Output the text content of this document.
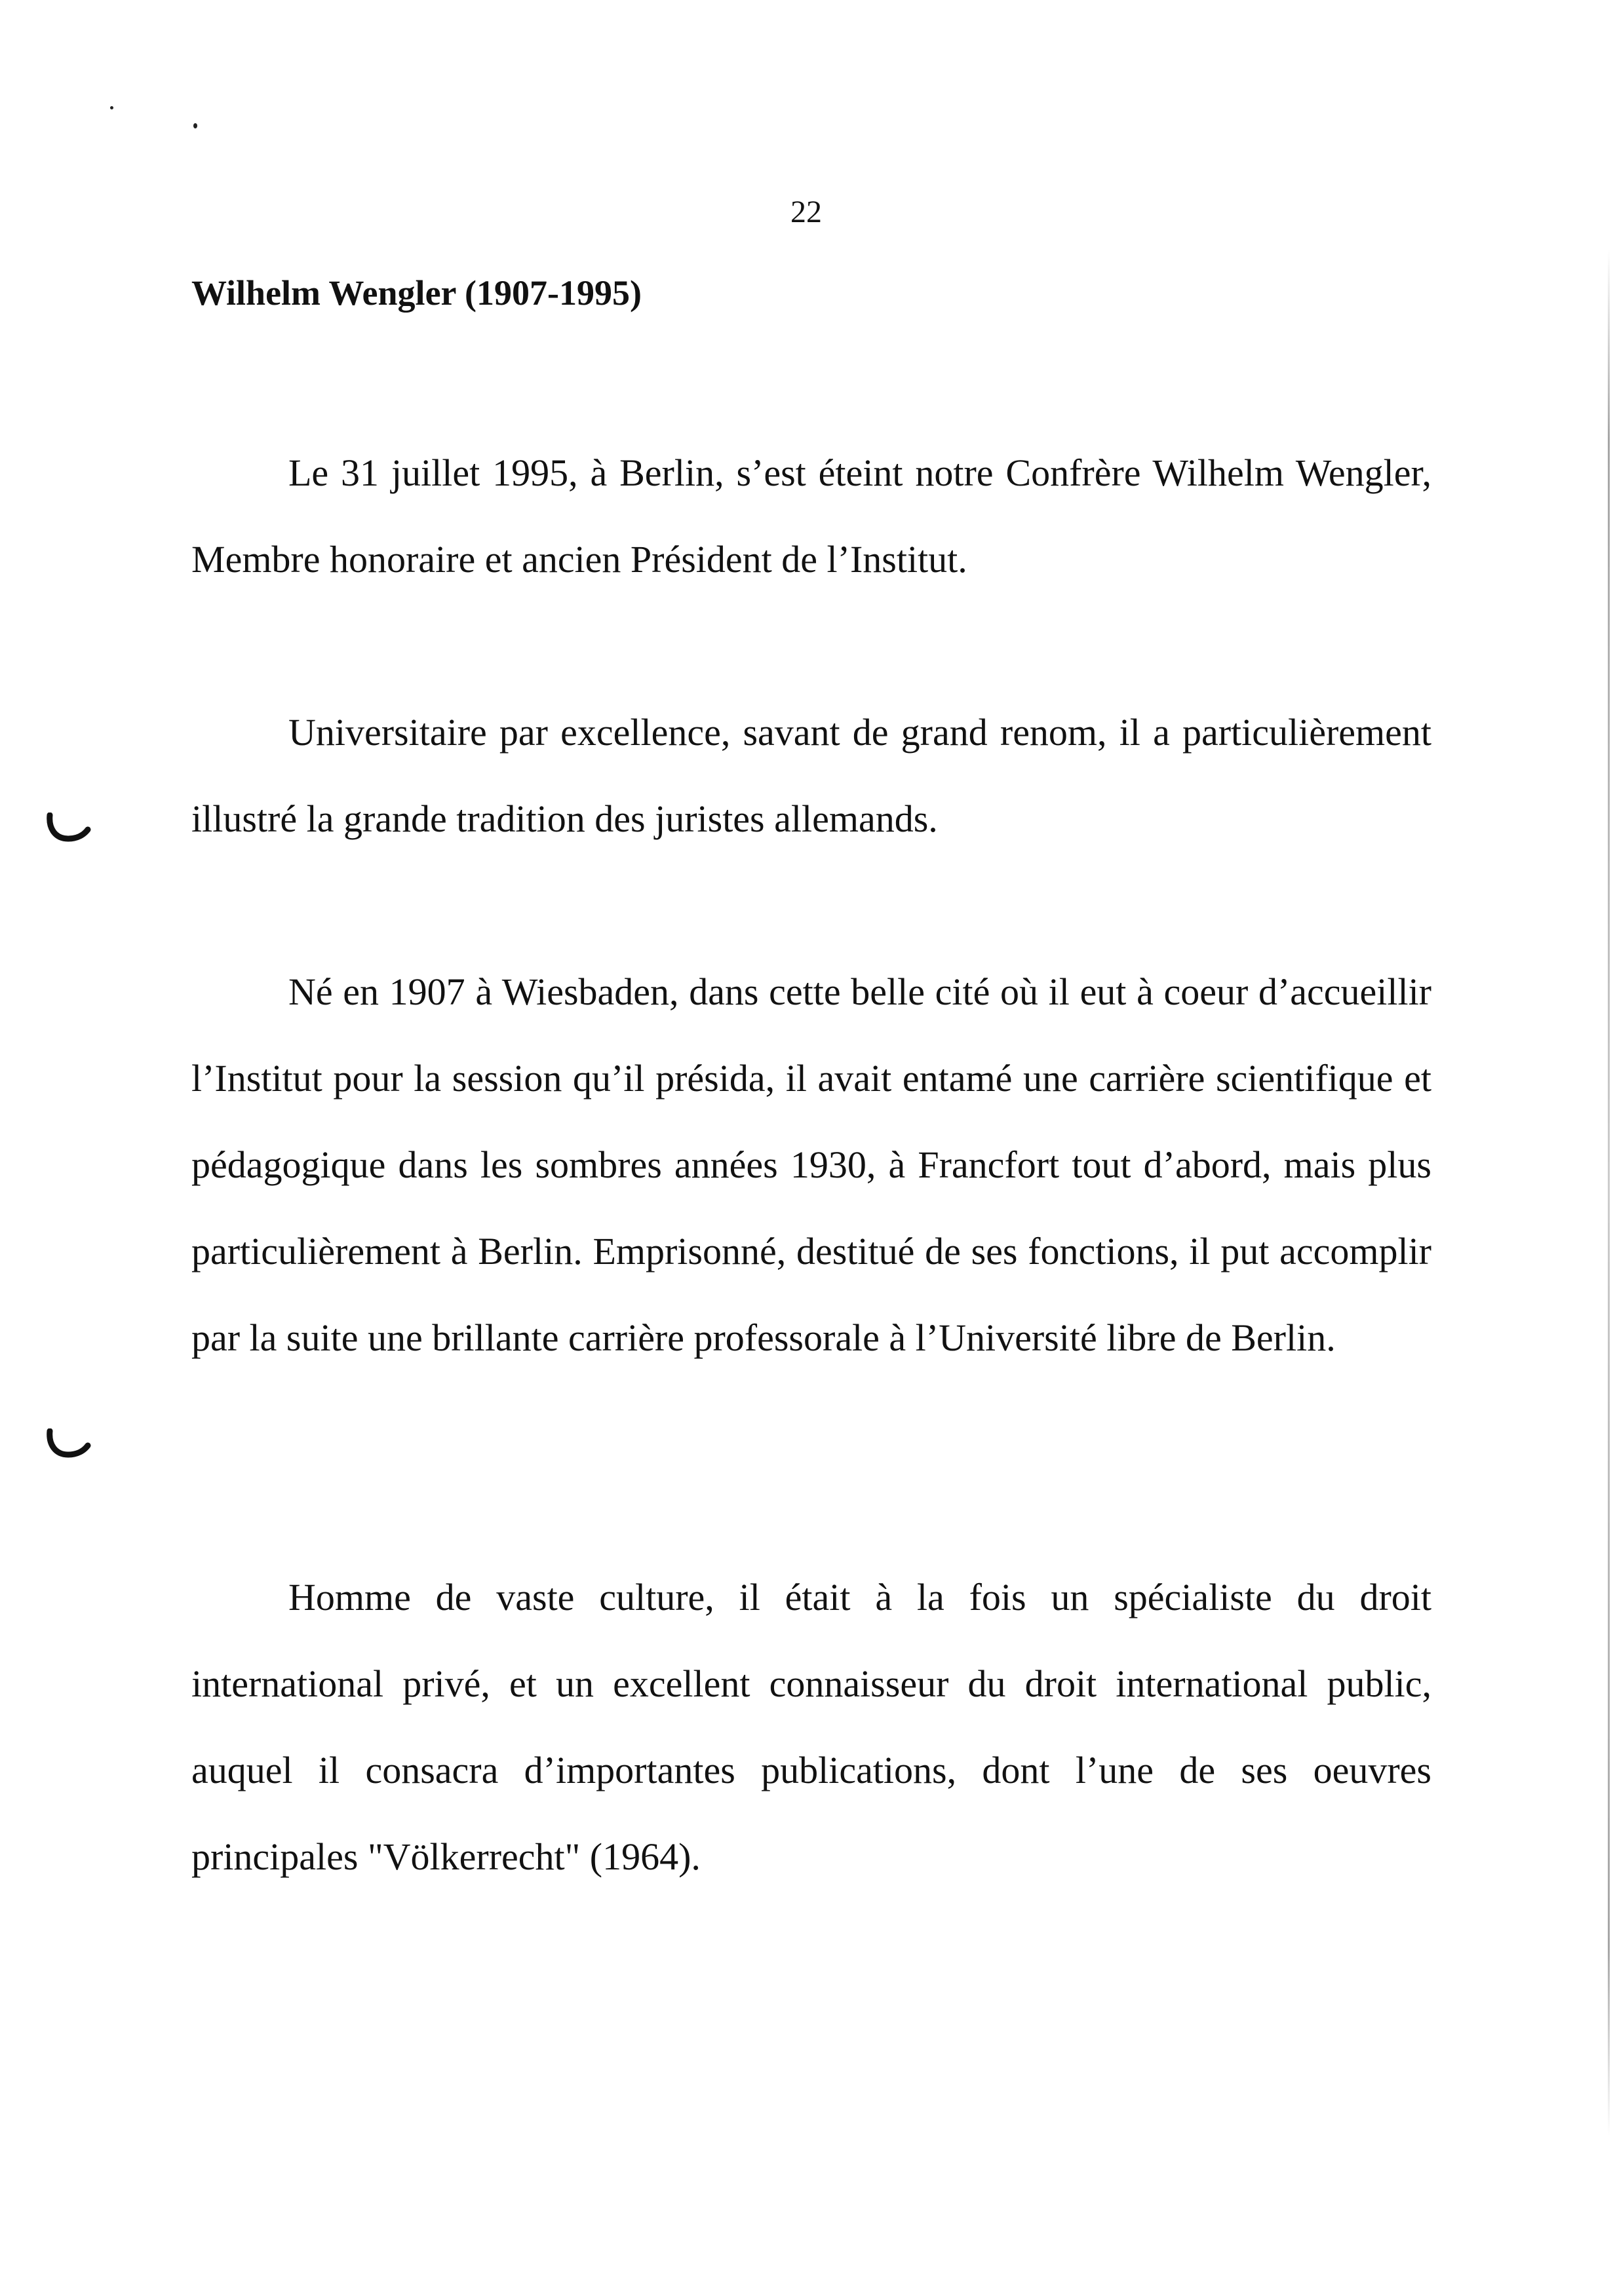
22
Wilhelm Wengler (1907-1995)

Le 31 juillet 1995, à Berlin, s’est éteint notre Confrère Wilhelm Wengler, Membre honoraire et ancien Président de l’Institut.

Universitaire par excellence, savant de grand renom, il a particulièrement illustré la grande tradition des juristes allemands.

Né en 1907 à Wiesbaden, dans cette belle cité où il eut à coeur d’accueillir l’Institut pour la session qu’il présida, il avait entamé une carrière scientifique et pédagogique dans les sombres années 1930, à Francfort tout d’abord, mais plus particulièrement à Berlin. Emprisonné, destitué de ses fonctions, il put accomplir par la suite une brillante carrière professorale à l’Université libre de Berlin.

Homme de vaste culture, il était à la fois un spécialiste du droit international privé, et un excellent connaisseur du droit international public, auquel il consacra d’importantes publications, dont l’une de ses oeuvres principales "Völkerrecht" (1964).
